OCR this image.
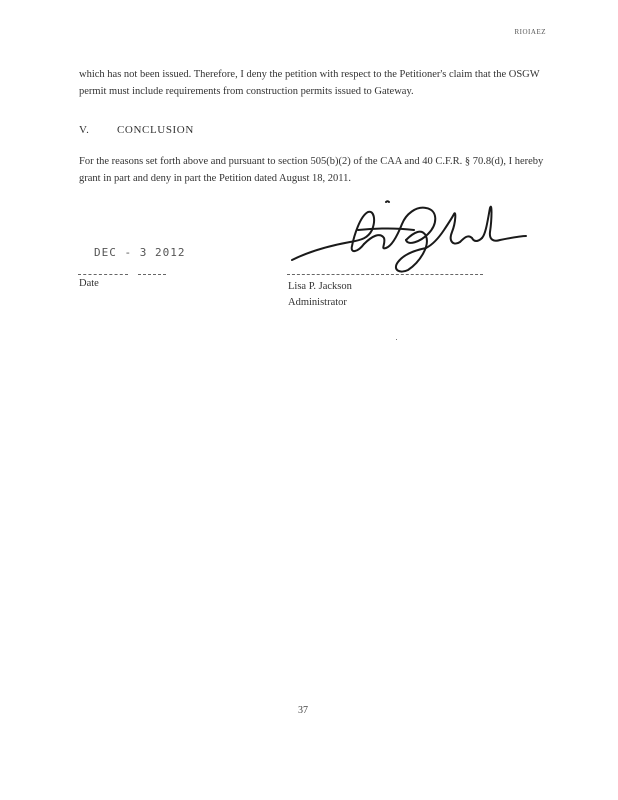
RIOIAEZ
which has not been issued. Therefore, I deny the petition with respect to the Petitioner's claim that the OSGW permit must include requirements from construction permits issued to Gateway.
V.	CONCLUSION
For the reasons set forth above and pursuant to section 505(b)(2) of the CAA and 40 C.F.R. § 70.8(d), I hereby grant in part and deny in part the Petition dated August 18, 2011.
DEC - 3 2012
Date	Lisa P. Jackson
Administrator
37
